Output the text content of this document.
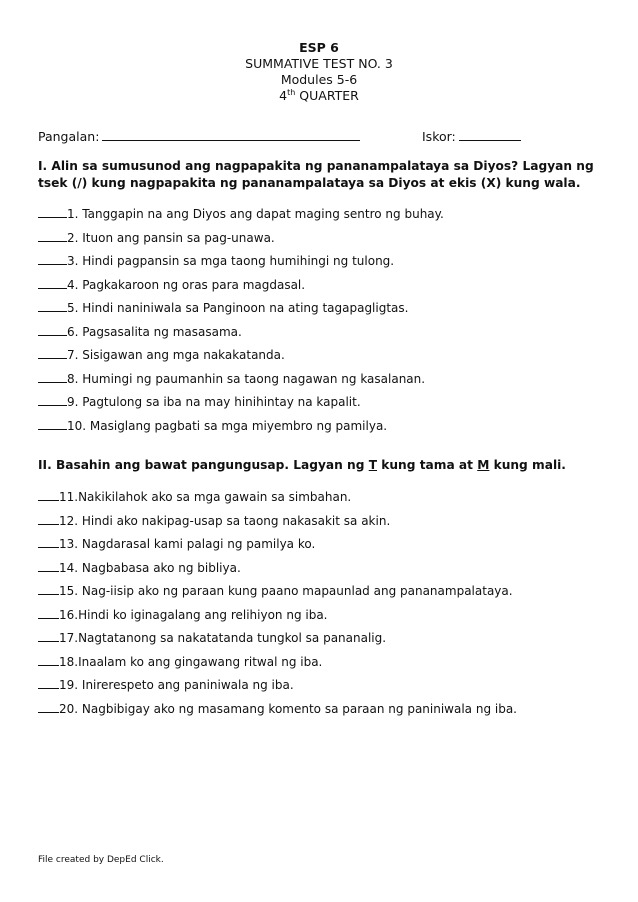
ESP 6
SUMMATIVE TEST NO. 3
Modules 5-6
4th QUARTER
Pangalan:	Iskor:
I. Alin sa sumusunod ang nagpapakita ng pananampalataya sa Diyos? Lagyan ng tsek (/) kung nagpapakita ng pananampalataya sa Diyos at ekis (X) kung wala.
1. Tanggapin na ang Diyos ang dapat maging sentro ng buhay.
2. Ituon ang pansin sa pag-unawa.
3. Hindi pagpansin sa mga taong humihingi ng tulong.
4. Pagkakaroon ng oras para magdasal.
5. Hindi naniniwala sa Panginoon na ating tagapagligtas.
6. Pagsasalita ng masasama.
7. Sisigawan ang mga nakakatanda.
8. Humingi ng paumanhin sa taong nagawan ng kasalanan.
9. Pagtulong sa iba na may hinihintay na kapalit.
10. Masiglang pagbati sa mga miyembro ng pamilya.
II. Basahin ang bawat pangungusap. Lagyan ng T kung tama at M kung mali.
11.Nakikilahok ako sa mga gawain sa simbahan.
12. Hindi ako nakipag-usap sa taong nakasakit sa akin.
13. Nagdarasal kami palagi ng pamilya ko.
14. Nagbabasa ako ng bibliya.
15. Nag-iisip ako ng paraan kung paano mapaunlad ang pananampalataya.
16.Hindi ko iginagalang ang relihiyon ng iba.
17.Nagtatanong sa nakatatanda tungkol sa pananalig.
18.Inaalam ko ang gingawang ritwal ng iba.
19. Inirerespeto ang paniniwala ng iba.
20. Nagbibigay ako ng masamang komento sa paraan ng paniniwala ng iba.
File created by DepEd Click.
